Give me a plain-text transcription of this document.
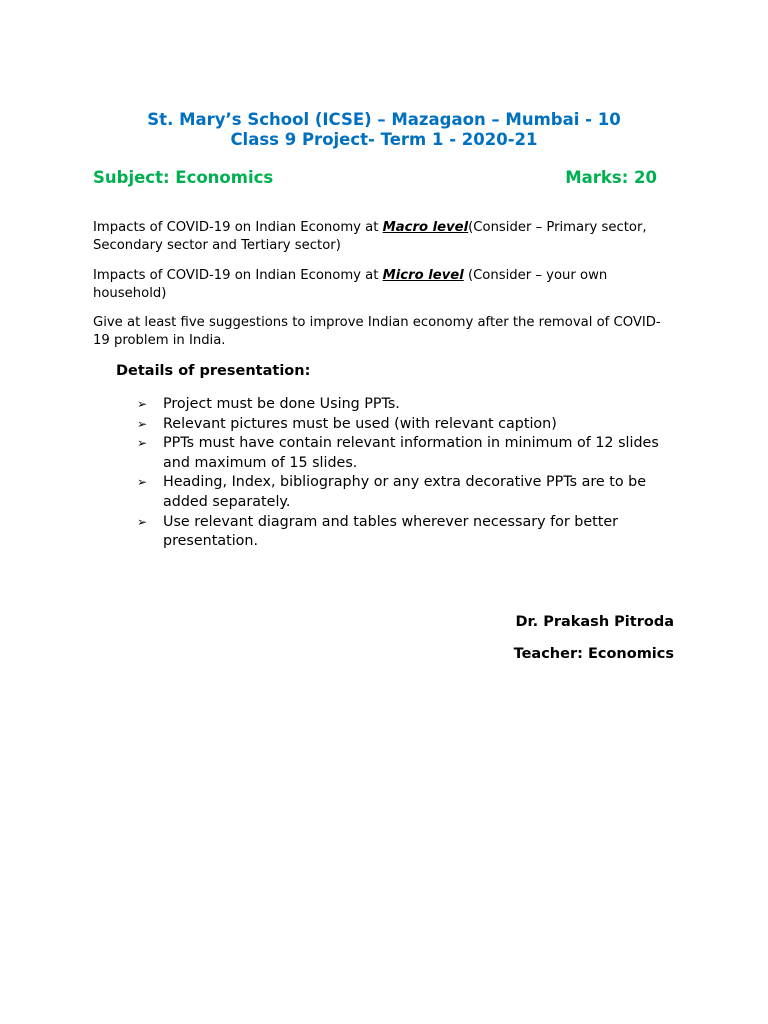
St. Mary’s School (ICSE) – Mazagaon – Mumbai - 10
Class 9 Project- Term 1 - 2020-21
Subject: Economics	Marks: 20
Impacts of COVID-19 on Indian Economy at Macro level(Consider – Primary sector, Secondary sector and Tertiary sector)
Impacts of COVID-19 on Indian Economy at Micro level (Consider – your own household)
Give at least five suggestions to improve Indian economy after the removal of COVID-19 problem in India.
Details of presentation:
➢ Project must be done Using PPTs.
➢ Relevant pictures must be used (with relevant caption)
➢ PPTs must have contain relevant information in minimum of 12 slides and maximum of 15 slides.
➢ Heading, Index, bibliography or any extra decorative PPTs are to be added separately.
➢ Use relevant diagram and tables wherever necessary for better presentation.
Dr. Prakash Pitroda
Teacher: Economics
